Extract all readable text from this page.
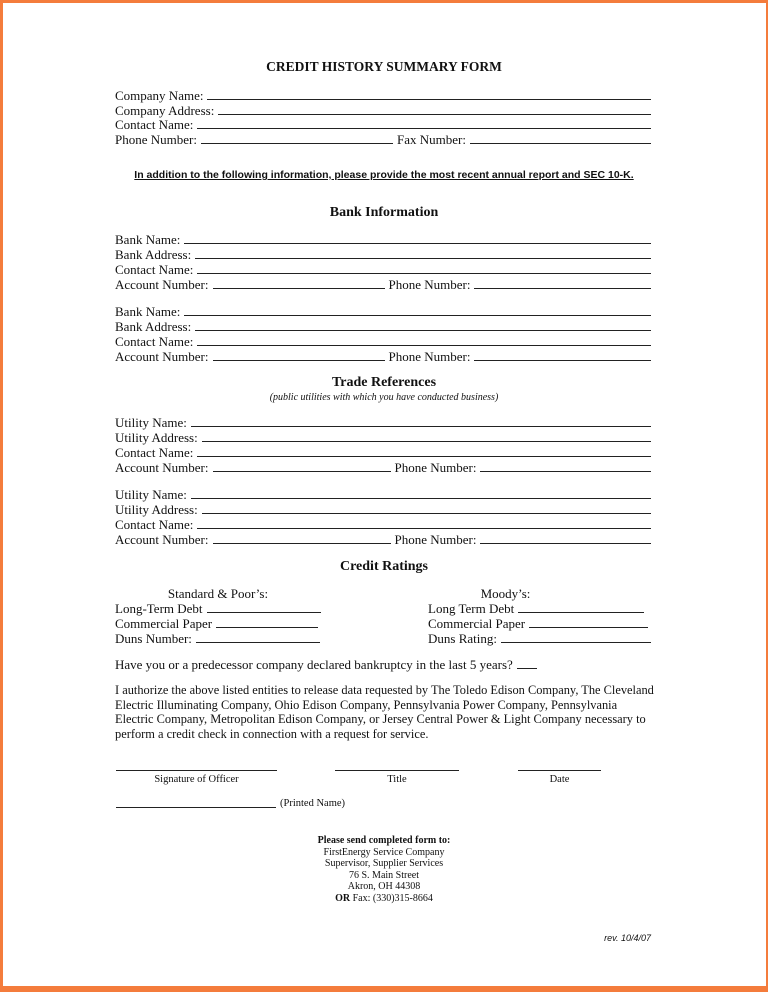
CREDIT HISTORY SUMMARY FORM
Company Name:
Company Address:
Contact Name:
Phone Number:	Fax Number:
In addition to the following information, please provide the most recent annual report and SEC 10-K.
Bank Information
Bank Name:
Bank Address:
Contact Name:
Account Number:	Phone Number:
Bank Name:
Bank Address:
Contact Name:
Account Number:	Phone Number:
Trade References
(public utilities with which you have conducted business)
Utility Name:
Utility Address:
Contact Name:
Account Number:	Phone Number:
Utility Name:
Utility Address:
Contact Name:
Account Number:	Phone Number:
Credit Ratings
Standard & Poor’s:
Long-Term Debt
Commercial Paper
Duns Number:
Moody’s:
Long Term Debt
Commercial Paper
Duns Rating:
Have you or a predecessor company declared bankruptcy in the last 5 years?
I authorize the above listed entities to release data requested by The Toledo Edison Company, The Cleveland Electric Illuminating Company, Ohio Edison Company, Pennsylvania Power Company, Pennsylvania Electric Company, Metropolitan Edison Company, or Jersey Central Power & Light Company necessary to perform a credit check in connection with a request for service.
Signature of Officer	Title	Date
(Printed Name)
Please send completed form to:
FirstEnergy Service Company
Supervisor, Supplier Services
76 S. Main Street
Akron, OH 44308
OR Fax: (330)315-8664
rev. 10/4/07
